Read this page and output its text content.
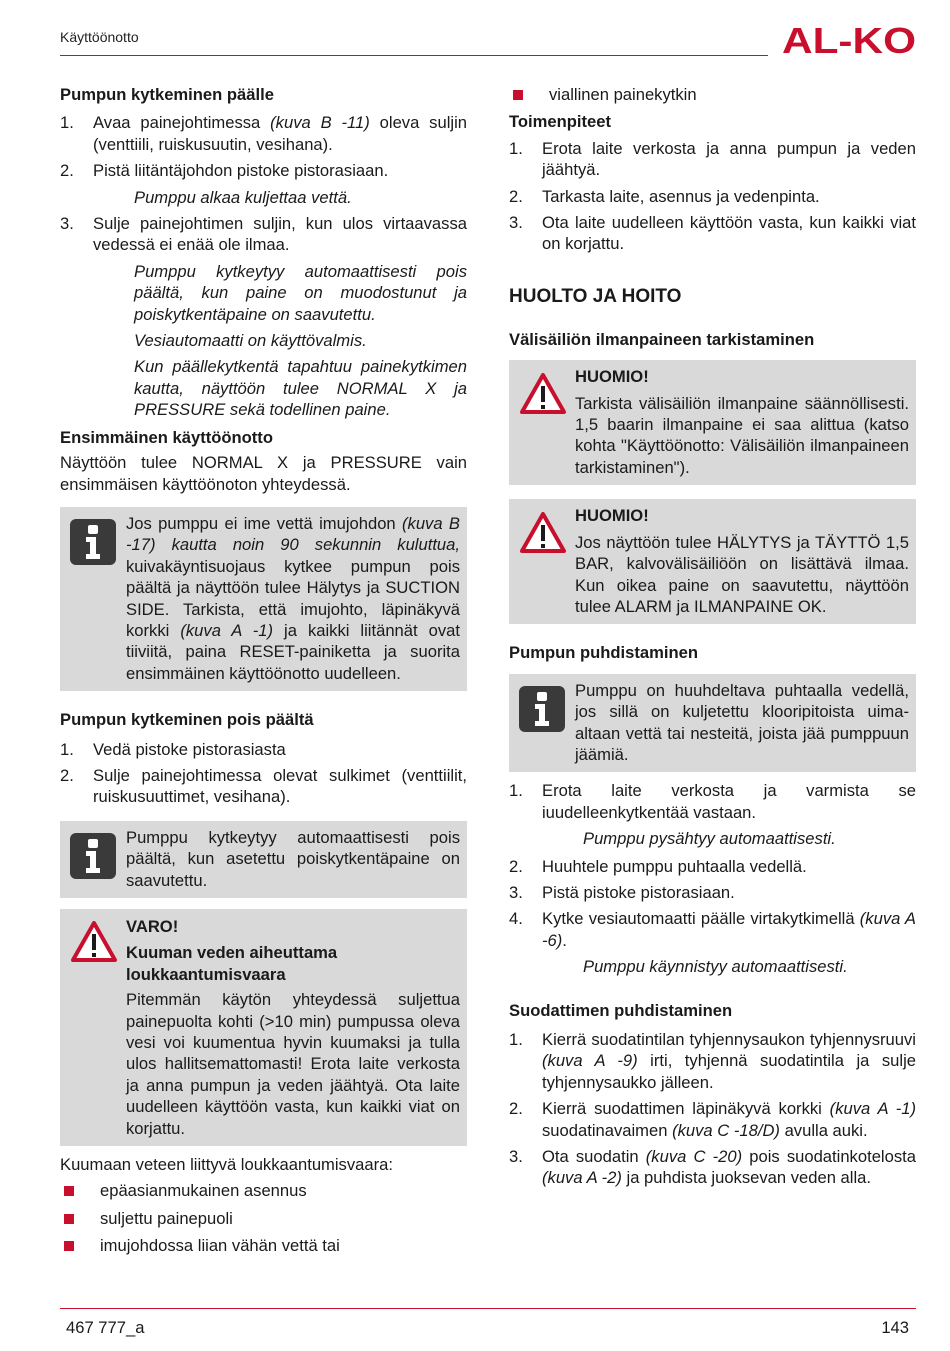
Käyttöönotto	AL-KO
Pumpun kytkeminen päälle
1.	Avaa painejohtimessa (kuva B -11) oleva suljin (venttiili, ruiskusuutin, vesihana).
2.	Pistä liitäntäjohdon pistoke pistorasiaan.
Pumppu alkaa kuljettaa vettä.
3.	Sulje painejohtimen suljin, kun ulos virtaavassa vedessä ei enää ole ilmaa.
Pumppu kytkeytyy automaattisesti pois päältä, kun paine on muodostunut ja poiskytkentäpaine on saavutettu.
Vesiautomaatti on käyttövalmis.
Kun päällekytkentä tapahtuu painekytkimen kautta, näyttöön tulee NORMAL X ja PRESSURE sekä todellinen paine.
Ensimmäinen käyttöönotto

Näyttöön tulee NORMAL X ja PRESSURE vain ensimmäisen käyttöönoton yhteydessä.

Jos pumppu ei ime vettä imujohdon (kuva B -17) kautta noin 90 sekunnin kuluttua, kuivakäyntisuojaus kytkee pumpun pois päältä ja näyttöön tulee Hälytys ja SUCTION SIDE. Tarkista, että imujohto, läpinäkyvä korkki (kuva A -1) ja kaikki liitännät ovat tiiviitä, paina RESET-painiketta ja suorita ensimmäinen käyttöönotto uudelleen.
Pumpun kytkeminen pois päältä
1.	Vedä pistoke pistorasiasta
2.	Sulje painejohtimessa olevat sulkimet (venttiilit, ruiskusuuttimet, vesihana).
Pumppu kytkeytyy automaattisesti pois päältä, kun asetettu poiskytkentäpaine on saavutettu.
VARO!
Kuuman veden aiheuttama loukkaantumisvaara
Pitemmän käytön yhteydessä suljettua painepuolta kohti (>10 min) pumpussa oleva vesi voi kuumentua hyvin kuumaksi ja tulla ulos hallitsemattomasti! Erota laite verkosta ja anna pumpun ja veden jäähtyä. Ota laite uudelleen käyttöön vasta, kun kaikki viat on korjattu.

Kuumaan veteen liittyvä loukkaantumisvaara:

epäasianmukainen asennus
suljettu painepuoli
imujohdossa liian vähän vettä tai
viallinen painekytkin
Toimenpiteet
1.	Erota laite verkosta ja anna pumpun ja veden jäähtyä.
2.	Tarkasta laite, asennus ja vedenpinta.
3.	Ota laite uudelleen käyttöön vasta, kun kaikki viat on korjattu.
HUOLTO JA HOITO
Välisäiliön ilmanpaineen tarkistaminen
HUOMIO!
Tarkista välisäiliön ilmanpaine säännöllisesti. 1,5 baarin ilmanpaine ei saa alittua (katso kohta "Käyttöönotto: Välisäiliön ilmanpaineen tarkistaminen").
HUOMIO!
Jos näyttöön tulee HÄLYTYS ja TÄYTTÖ 1,5 BAR, kalvovälisäiliöön on lisättävä ilmaa. Kun oikea paine on saavutettu, näyttöön tulee ALARM ja ILMANPAINE OK.
Pumpun puhdistaminen
Pumppu on huuhdeltava puhtaalla vedellä, jos sillä on kuljetettu klooripitoista uima-altaan vettä tai nesteitä, joista jää pumppuun jäämiä.
1.	Erota laite verkosta ja varmista se iuudelleenkytkentää vastaan.
Pumppu pysähtyy automaattisesti.
2.	Huuhtele pumppu puhtaalla vedellä.
3.	Pistä pistoke pistorasiaan.
4.	Kytke vesiautomaatti päälle virtakytkimellä (kuva A -6).
Pumppu käynnistyy automaattisesti.
Suodattimen puhdistaminen
1.	Kierrä suodatintilan tyhjennysaukon tyhjennysruuvi (kuva A -9) irti, tyhjennä suodatintila ja sulje tyhjennysaukko jälleen.
2.	Kierrä suodattimen läpinäkyvä korkki (kuva A -1) suodatinavaimen (kuva C -18/D) avulla auki.
3.	Ota suodatin (kuva C -20) pois suodatinkotelosta (kuva A -2) ja puhdista juoksevan veden alla.
467 777_a	143
